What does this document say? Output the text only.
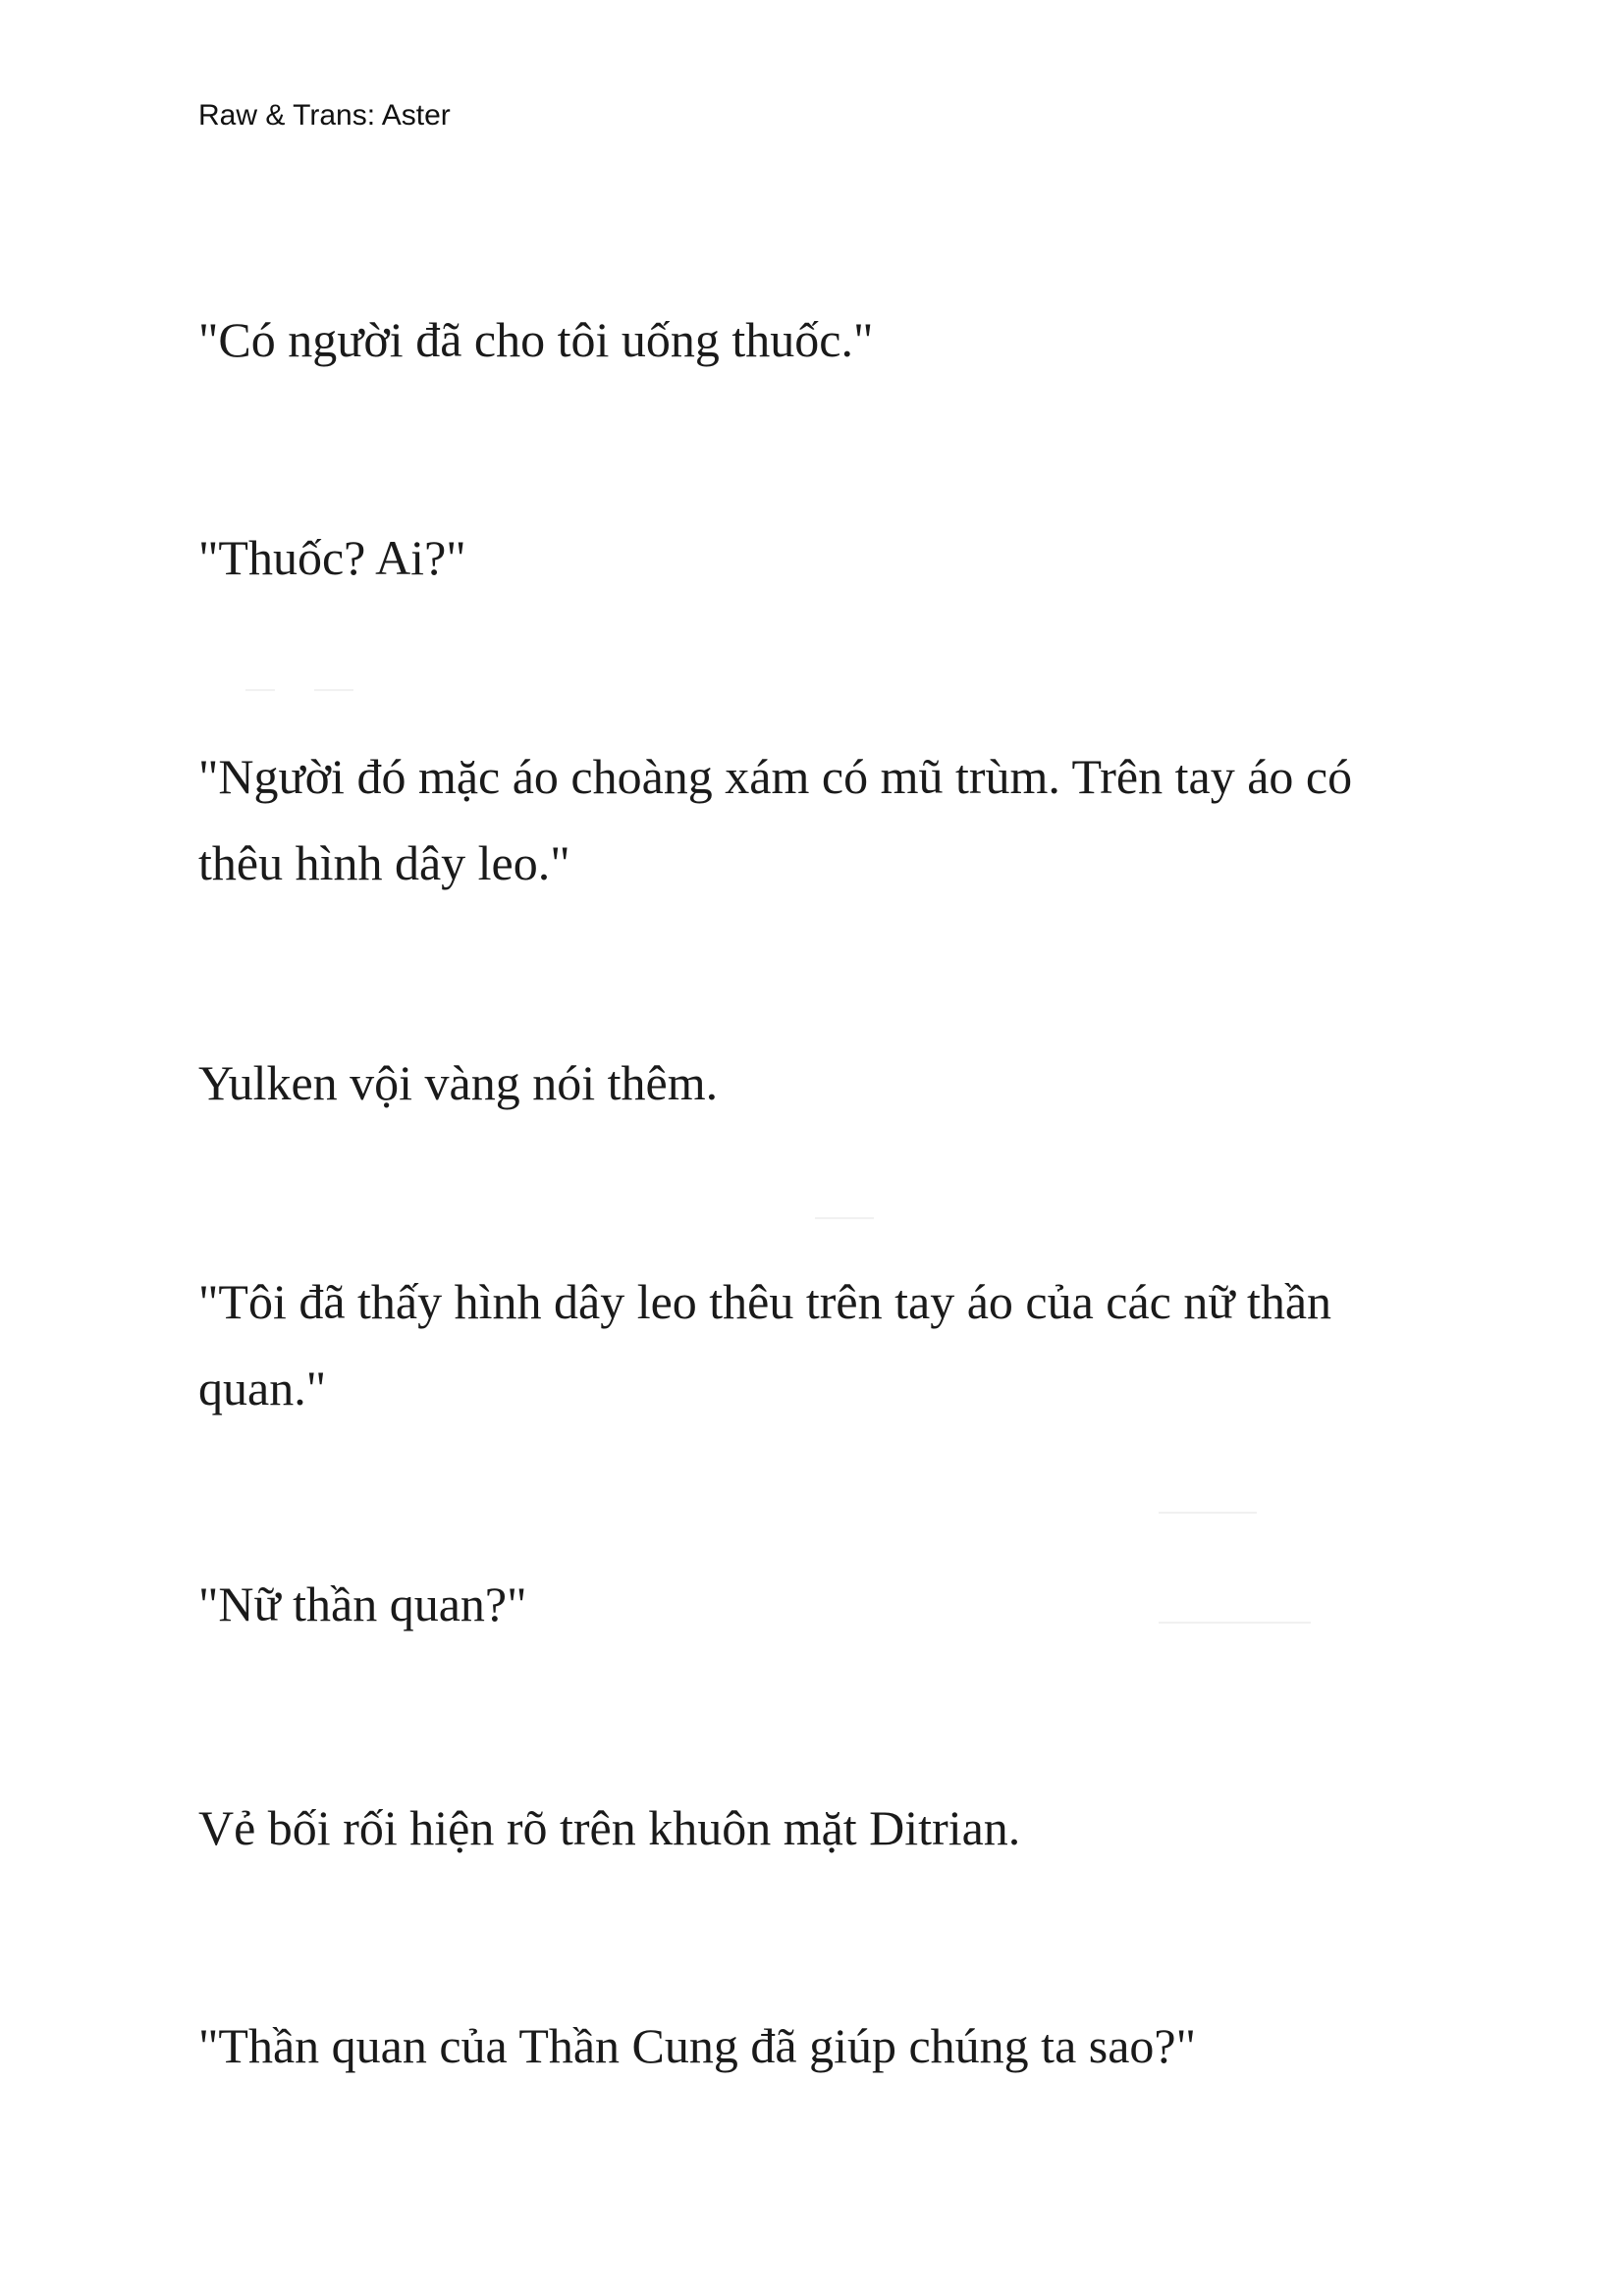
Raw & Trans: Aster

"Có người đã cho tôi uống thuốc."

"Thuốc? Ai?"

"Người đó mặc áo choàng xám có mũ trùm. Trên tay áo có thêu hình dây leo."

Yulken vội vàng nói thêm.

"Tôi đã thấy hình dây leo thêu trên tay áo của các nữ thần quan."

"Nữ thần quan?"

Vẻ bối rối hiện rõ trên khuôn mặt Ditrian.

"Thần quan của Thần Cung đã giúp chúng ta sao?"
